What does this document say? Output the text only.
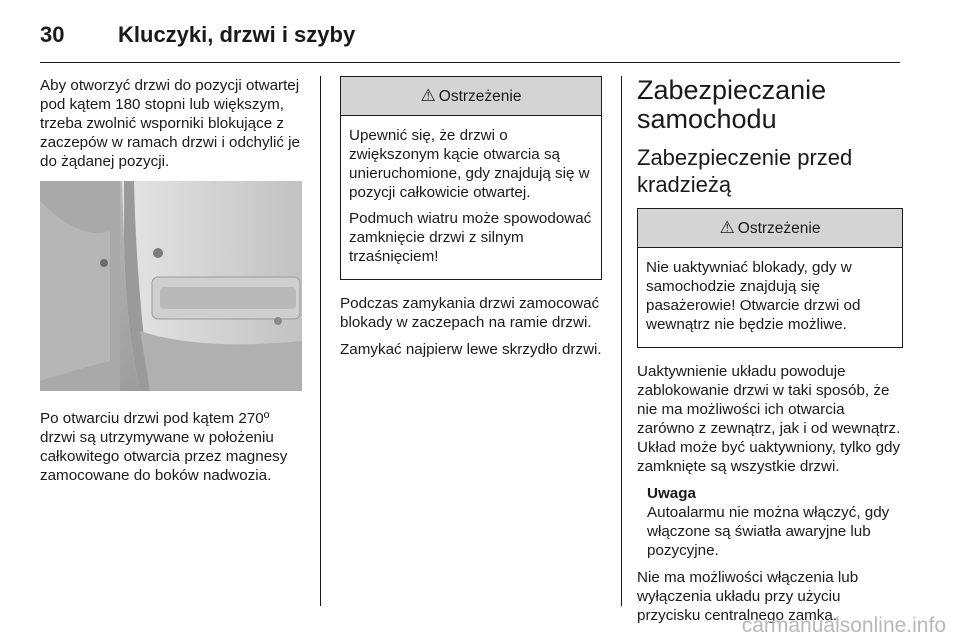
30 Kluczyki, drzwi i szyby

Aby otworzyć drzwi do pozycji otwartej pod kątem 180 stopni lub większym, trzeba zwolnić wsporniki blokujące z zaczepów w ramach drzwi i odchylić je do żądanej pozycji.

Po otwarciu drzwi pod kątem 270º drzwi są utrzymywane w położeniu całkowitego otwarcia przez magnesy zamocowane do boków nadwozia.

⚠ Ostrzeżenie

Upewnić się, że drzwi o zwiększonym kącie otwarcia są unieruchomione, gdy znajdują się w pozycji całkowicie otwartej.

Podmuch wiatru może spowodować zamknięcie drzwi z silnym trzaśnięciem!

Podczas zamykania drzwi zamocować blokady w zaczepach na ramie drzwi.

Zamykać najpierw lewe skrzydło drzwi.

Zabezpieczanie samochodu
Zabezpieczenie przed kradzieżą
⚠ Ostrzeżenie

Nie uaktywniać blokady, gdy w samochodzie znajdują się pasażerowie! Otwarcie drzwi od wewnątrz nie będzie możliwe.

Uaktywnienie układu powoduje zablokowanie drzwi w taki sposób, że nie ma możliwości ich otwarcia zarówno z zewnątrz, jak i od wewnątrz. Układ może być uaktywniony, tylko gdy zamknięte są wszystkie drzwi.

Uwaga
Autoalarmu nie można włączyć, gdy włączone są światła awaryjne lub pozycyjne.

Nie ma możliwości włączenia lub wyłączenia układu przy użyciu przycisku centralnego zamka.

carmanualsonline.info
